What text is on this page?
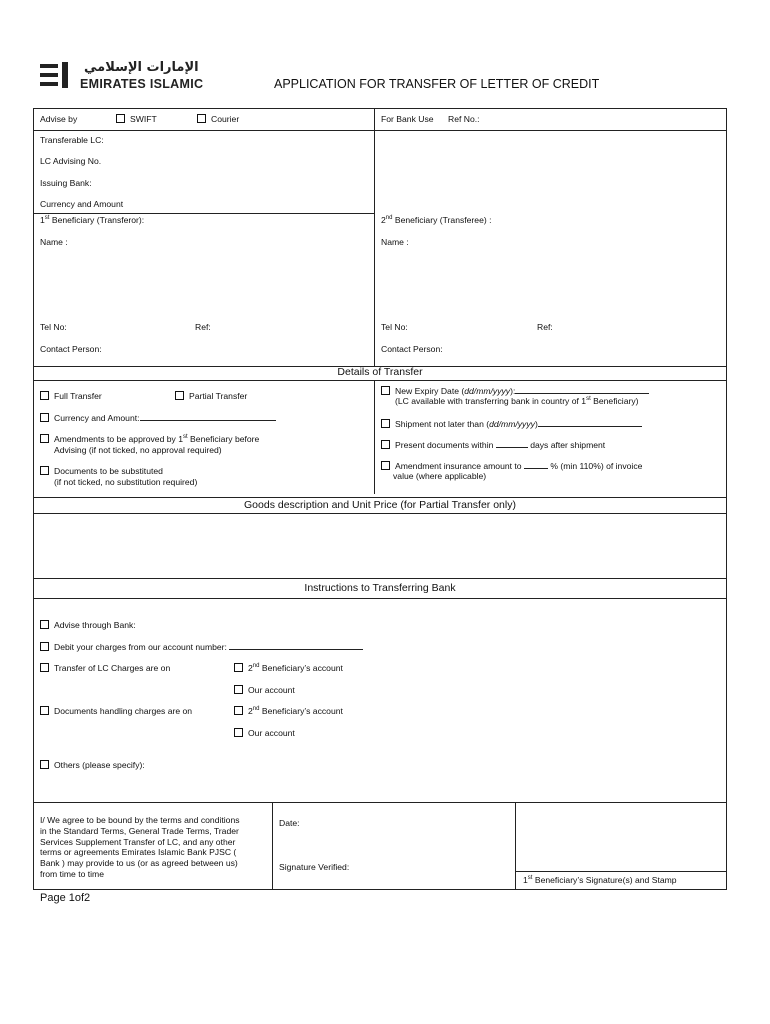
الإمارات الإسلامي
EMIRATES ISLAMIC	APPLICATION FOR TRANSFER OF LETTER OF CREDIT
Advise by	SWIFT	Courier	For Bank Use Ref No.:
Transferable LC:
LC Advising No.
Issuing Bank:
Currency and Amount
1st Beneficiary (Transferor):
Name :
Tel No:	Ref:
Contact Person:
2nd Beneficiary (Transferee) :
Name :
Tel No:	Ref:
Contact Person:
Details of Transfer
Full Transfer	Partial Transfer
Currency and Amount:
Amendments to be approved by 1st Beneficiary before
Advising (if not ticked, no approval required)
Documents to be substituted
(if not ticked, no substitution required)
New Expiry Date (dd/mm/yyyy):
(LC available with transferring bank in country of 1st Beneficiary)
Shipment not later than (dd/mm/yyyy)
Present documents within	days after shipment
Amendment insurance amount to	% (min 110%) of invoice
value (where applicable)
Goods description and Unit Price (for Partial Transfer only)
Instructions to Transferring Bank
Advise through Bank:
Debit your charges from our account number:
Transfer of LC Charges are on	2nd Beneficiary’s account
Our account
Documents handling charges are on	2nd Beneficiary’s account
Our account
Others (please specify):
I/ We agree to be bound by the terms and conditions
in the Standard Terms, General Trade Terms, Trader
Services Supplement Transfer of LC, and any other
terms or agreements Emirates Islamic Bank PJSC (
Bank ) may provide to us (or as agreed between us)
from time to time
Date:
Signature Verified:
1st Beneficiary’s Signature(s) and Stamp
Page 1of2
